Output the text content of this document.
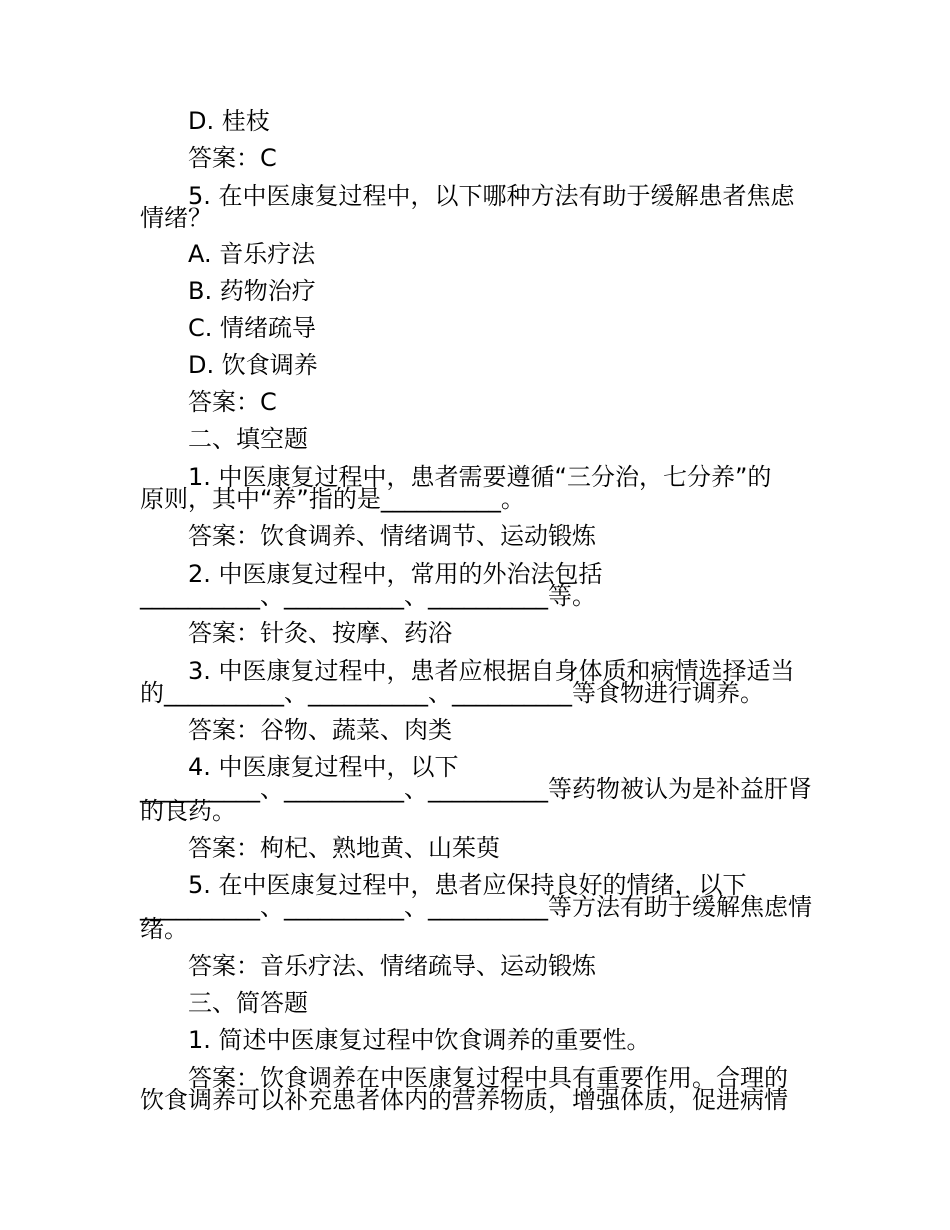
D. 桂枝

答案：C

5. 在中医康复过程中，以下哪种方法有助于缓解患者焦虑

情绪？

A. 音乐疗法

B. 药物治疗

C. 情绪疏导

D. 饮食调养

答案：C

二、填空题

1. 中医康复过程中，患者需要遵循“三分治，七分养”的

原则，其中“养”指的是__________。

答案：饮食调养、情绪调节、运动锻炼

2. 中医康复过程中，常用的外治法包括

__________、__________、__________等。

答案：针灸、按摩、药浴

3. 中医康复过程中，患者应根据自身体质和病情选择适当

的__________、__________、__________等食物进行调养。

答案：谷物、蔬菜、肉类

4. 中医康复过程中，以下

__________、__________、__________等药物被认为是补益肝肾

的良药。

答案：枸杞、熟地黄、山茱萸

5. 在中医康复过程中，患者应保持良好的情绪，以下

__________、__________、__________等方法有助于缓解焦虑情

绪。

答案：音乐疗法、情绪疏导、运动锻炼

三、简答题

1. 简述中医康复过程中饮食调养的重要性。

答案：饮食调养在中医康复过程中具有重要作用。合理的

饮食调养可以补充患者体内的营养物质，增强体质，促进病情
